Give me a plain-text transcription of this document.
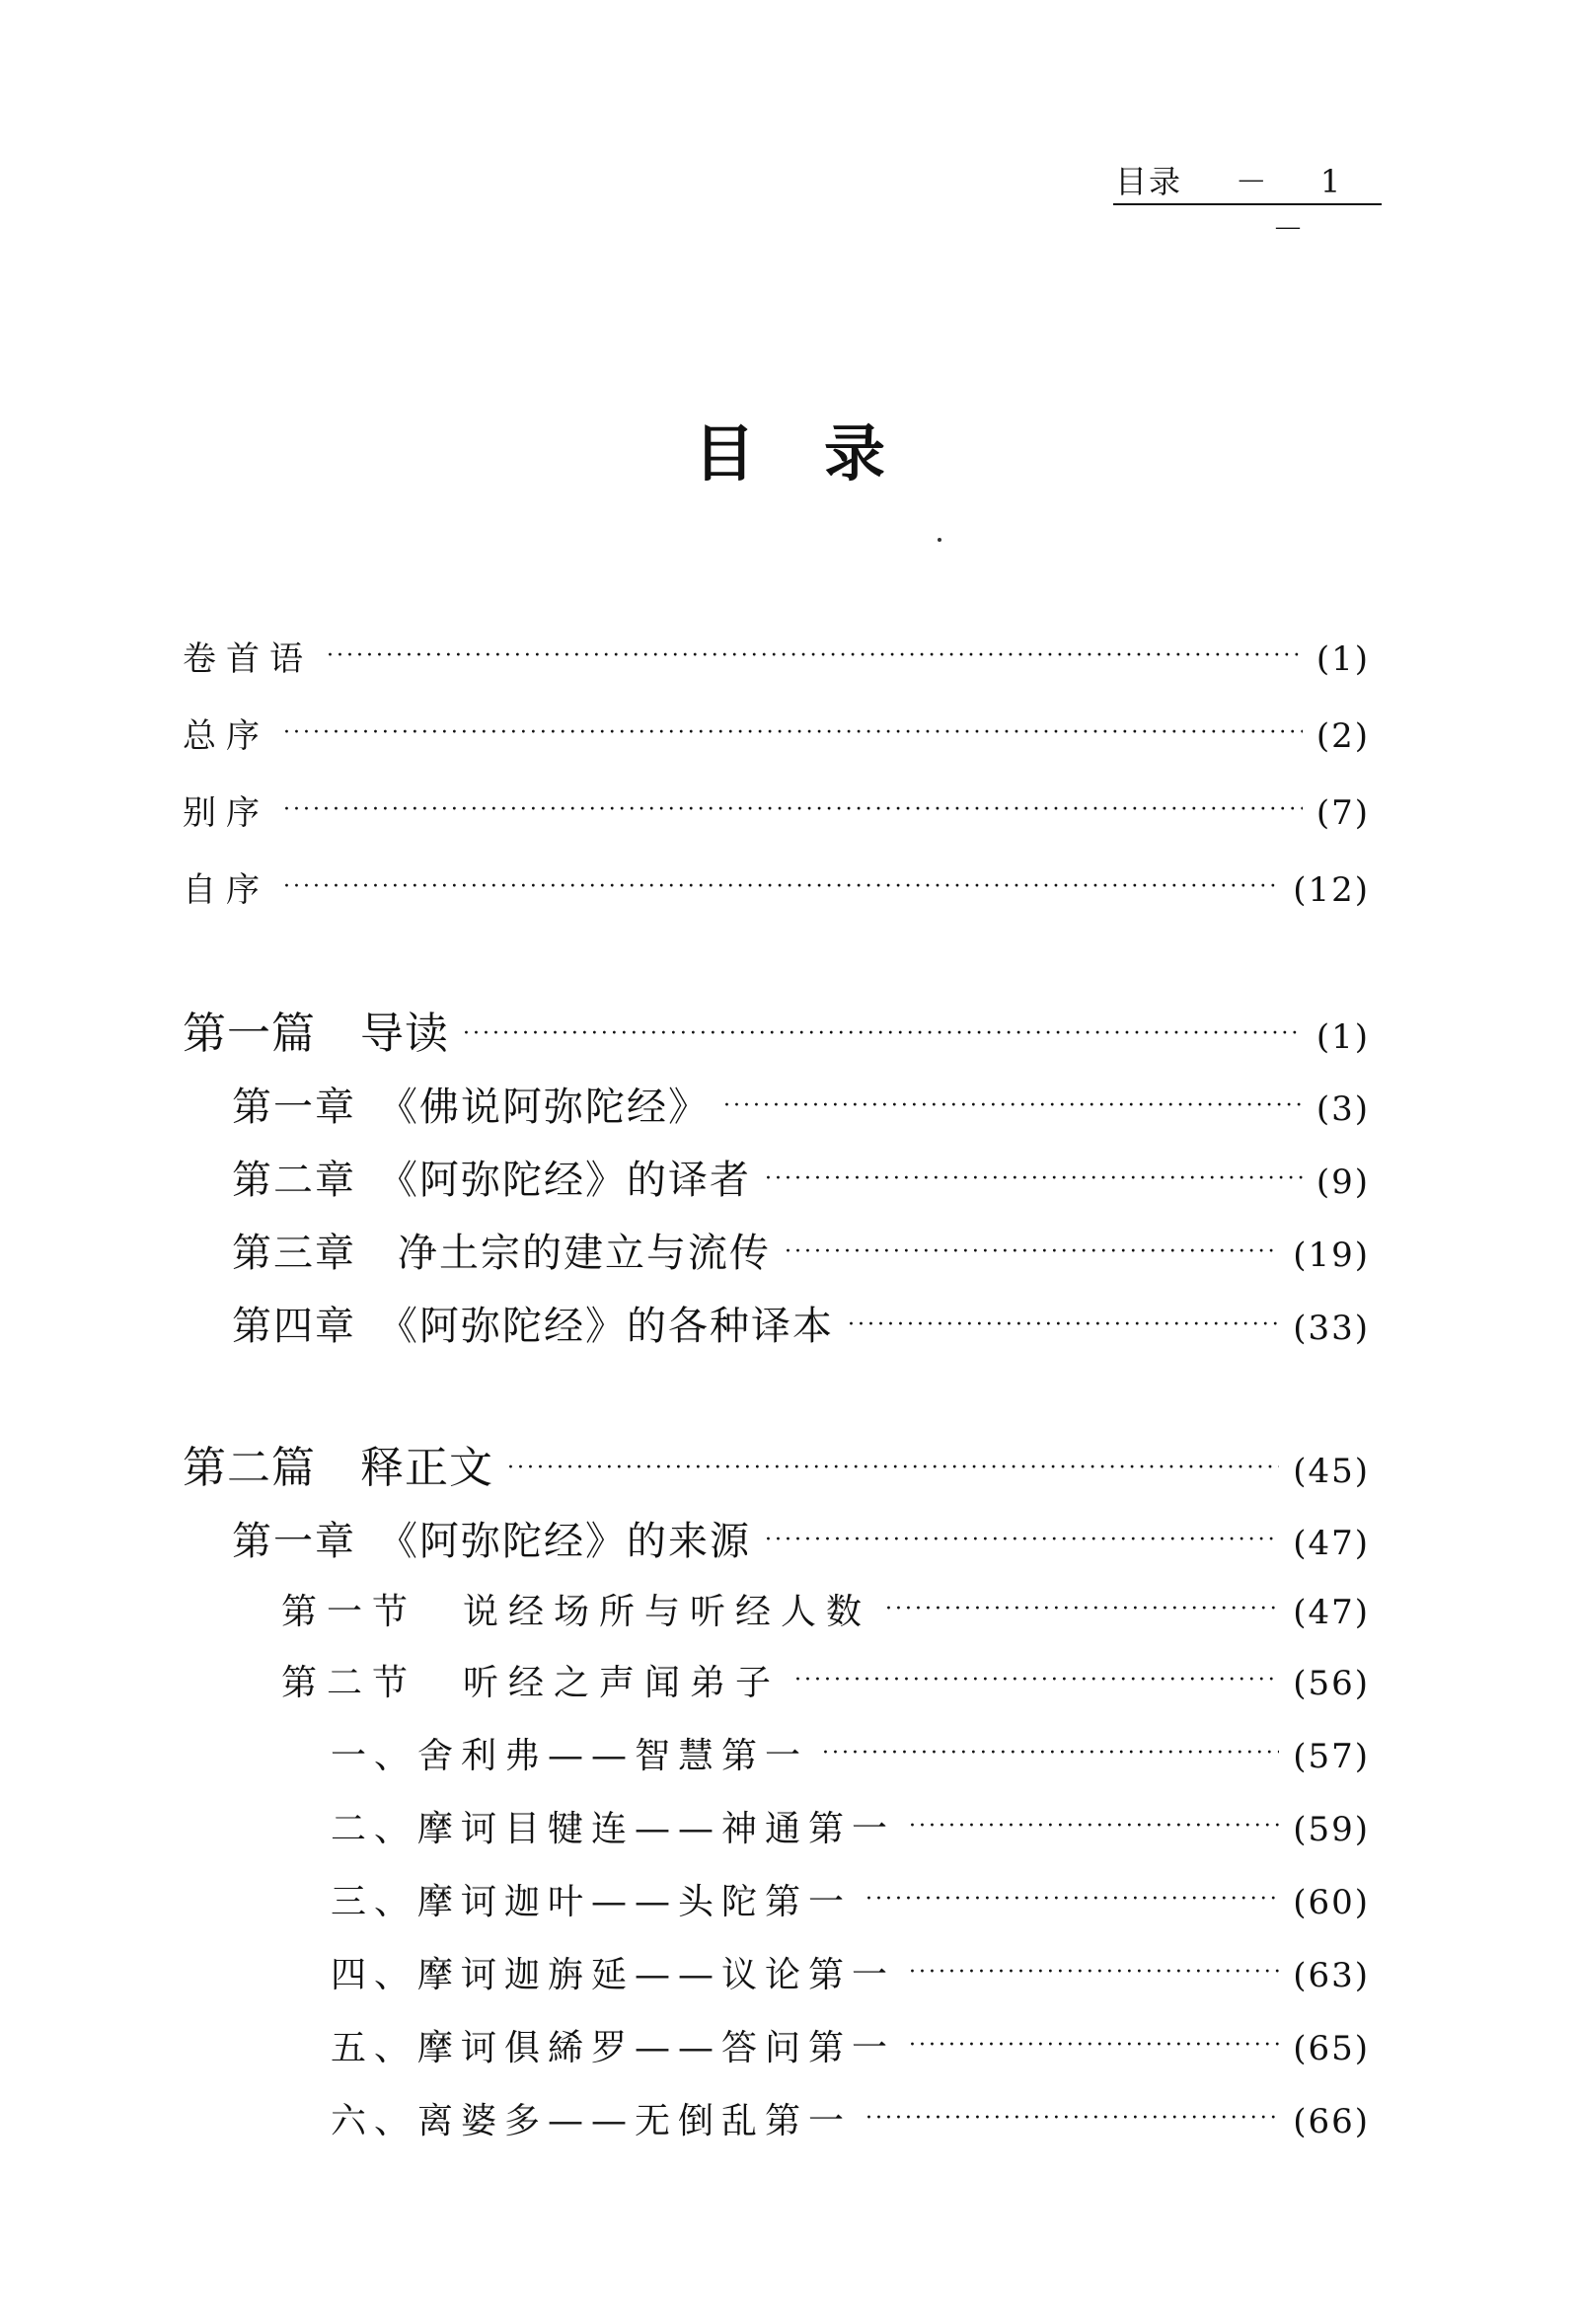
目录	－ 1 －
目录
卷首语 ·····	(1)
总序 ·····	(2)
别序 ·····	(7)
自序 ·····	(12)
第一篇　导读 ·····	(1)
第一章　《佛说阿弥陀经》 ·····	(3)
第二章　《阿弥陀经》的译者 ·····	(9)
第三章　净土宗的建立与流传 ·····	(19)
第四章　《阿弥陀经》的各种译本 ·····	(33)
第二篇　释正文 ·····	(45)
第一章　《阿弥陀经》的来源 ·····	(47)
第一节　说经场所与听经人数 ·····	(47)
第二节　听经之声闻弟子 ·····	(56)
一、舍利弗——智慧第一 ·····	(57)
二、摩诃目犍连——神通第一 ·····	(59)
三、摩诃迦叶——头陀第一 ·····	(60)
四、摩诃迦旃延——议论第一 ·····	(63)
五、摩诃俱絺罗——答问第一 ·····	(65)
六、离婆多——无倒乱第一 ·····	(66)
